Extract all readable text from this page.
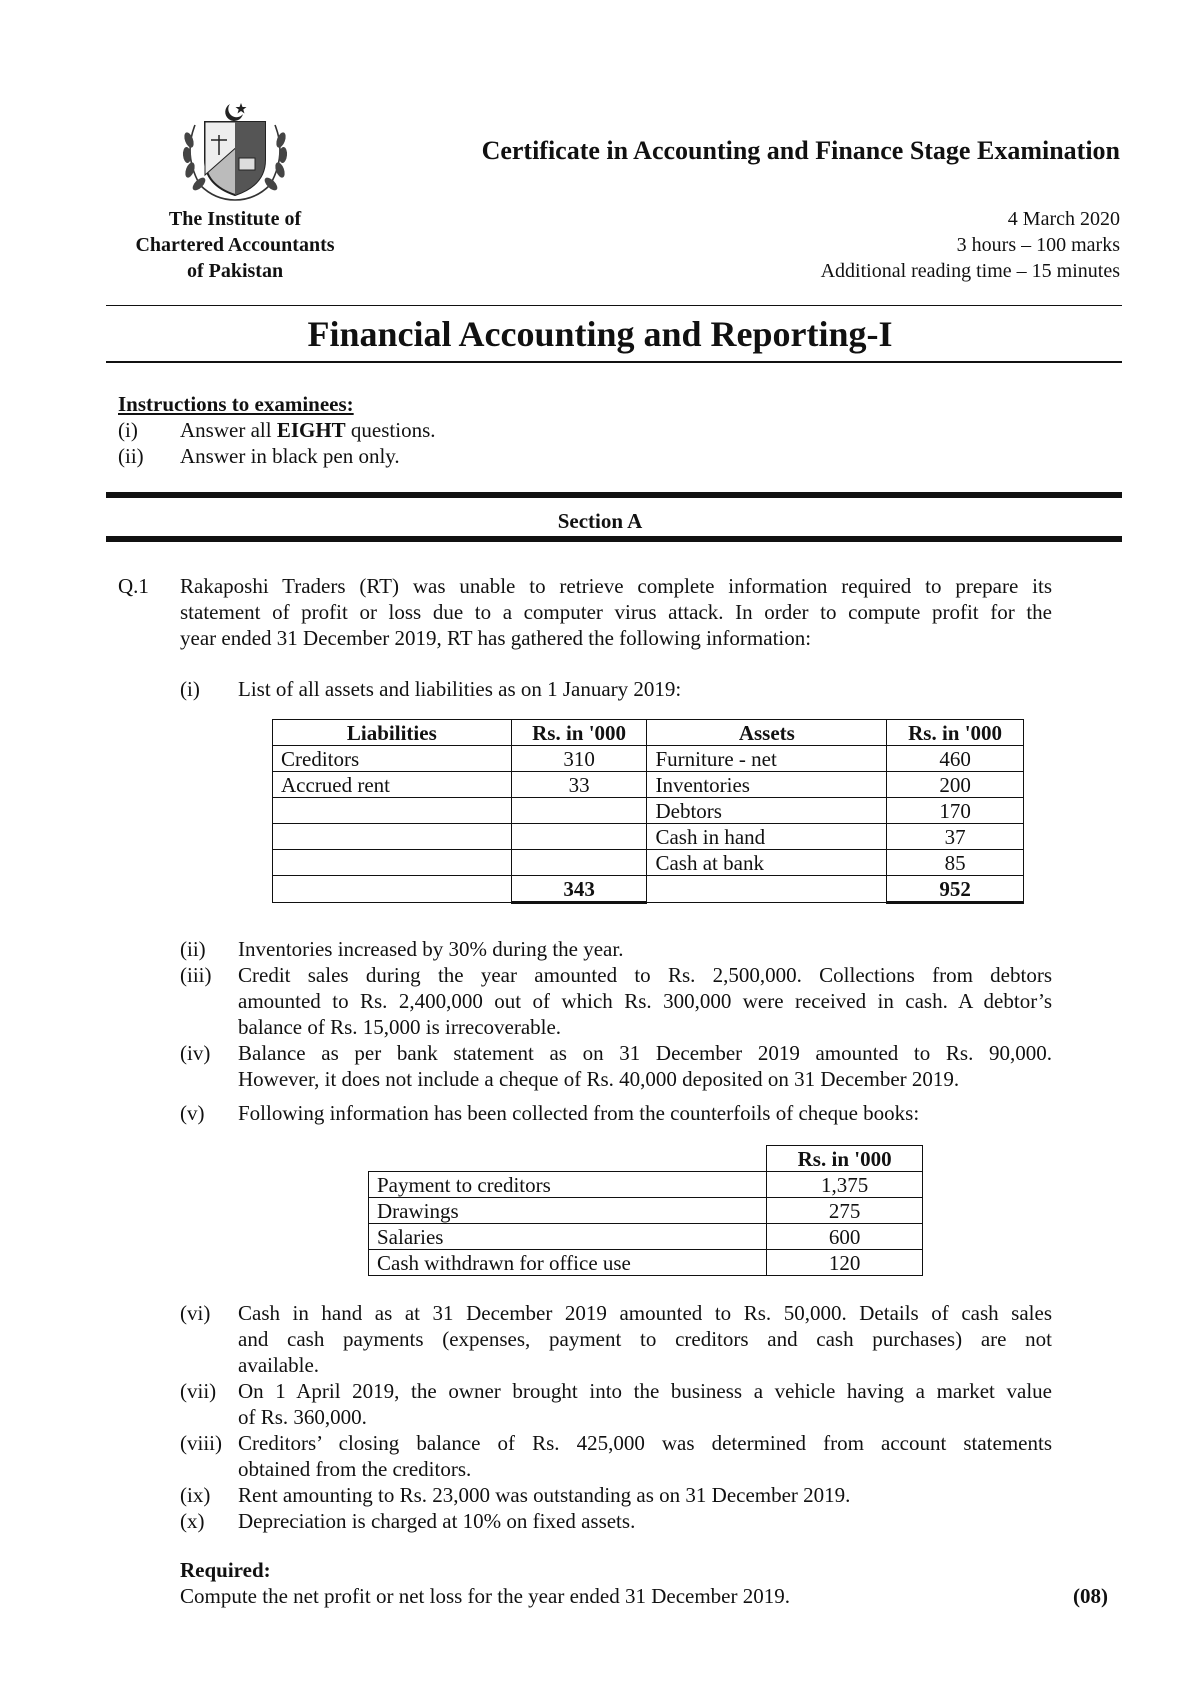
The Institute of
Chartered Accountants
of Pakistan
Certificate in Accounting and Finance Stage Examination
4 March 2020
3 hours – 100 marks
Additional reading time – 15 minutes
Financial Accounting and Reporting-I
Instructions to examinees:
(i) Answer all EIGHT questions.
(ii) Answer in black pen only.
Section A
Q.1 Rakaposhi Traders (RT) was unable to retrieve complete information required to prepare its
statement of profit or loss due to a computer virus attack. In order to compute profit for the
year ended 31 December 2019, RT has gathered the following information:
(i) List of all assets and liabilities as on 1 January 2019:
Liabilities	Rs. in '000	Assets	Rs. in '000
Creditors	310	Furniture - net	460
Accrued rent	33	Inventories	200
		Debtors	170
		Cash in hand	37
		Cash at bank	85
	343		952
(ii) Inventories increased by 30% during the year.
(iii) Credit sales during the year amounted to Rs. 2,500,000. Collections from debtors
amounted to Rs. 2,400,000 out of which Rs. 300,000 were received in cash. A debtor’s
balance of Rs. 15,000 is irrecoverable.
(iv) Balance as per bank statement as on 31 December 2019 amounted to Rs. 90,000.
However, it does not include a cheque of Rs. 40,000 deposited on 31 December 2019.
(v) Following information has been collected from the counterfoils of cheque books:
	Rs. in '000
Payment to creditors	1,375
Drawings	275
Salaries	600
Cash withdrawn for office use	120
(vi) Cash in hand as at 31 December 2019 amounted to Rs. 50,000. Details of cash sales
and cash payments (expenses, payment to creditors and cash purchases) are not
available.
(vii) On 1 April 2019, the owner brought into the business a vehicle having a market value
of Rs. 360,000.
(viii) Creditors’ closing balance of Rs. 425,000 was determined from account statements
obtained from the creditors.
(ix) Rent amounting to Rs. 23,000 was outstanding as on 31 December 2019.
(x) Depreciation is charged at 10% on fixed assets.
Required:
Compute the net profit or net loss for the year ended 31 December 2019.	(08)
